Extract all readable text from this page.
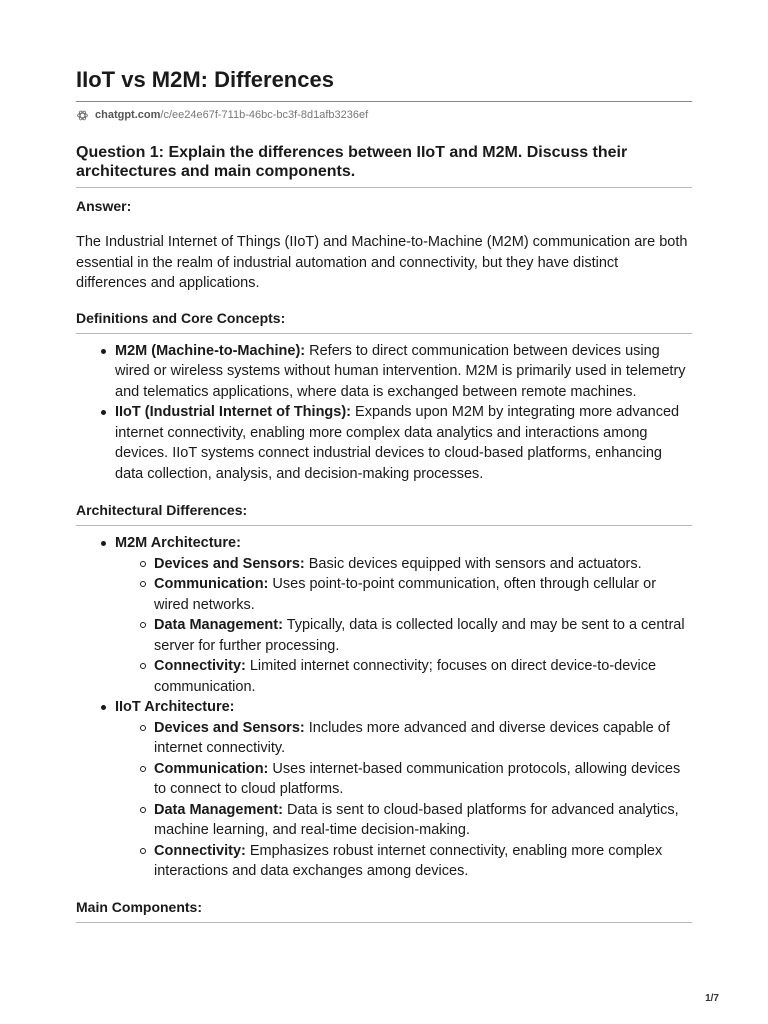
IIoT vs M2M: Differences
chatgpt.com /c/ee24e67f-711b-46bc-bc3f-8d1afb3236ef
Question 1: Explain the differences between IIoT and M2M. Discuss their architectures and main components.
Answer:
The Industrial Internet of Things (IIoT) and Machine-to-Machine (M2M) communication are both essential in the realm of industrial automation and connectivity, but they have distinct differences and applications.
Definitions and Core Concepts:
M2M (Machine-to-Machine): Refers to direct communication between devices using wired or wireless systems without human intervention. M2M is primarily used in telemetry and telematics applications, where data is exchanged between remote machines.
IIoT (Industrial Internet of Things): Expands upon M2M by integrating more advanced internet connectivity, enabling more complex data analytics and interactions among devices. IIoT systems connect industrial devices to cloud-based platforms, enhancing data collection, analysis, and decision-making processes.
Architectural Differences:
M2M Architecture:
Devices and Sensors: Basic devices equipped with sensors and actuators.
Communication: Uses point-to-point communication, often through cellular or wired networks.
Data Management: Typically, data is collected locally and may be sent to a central server for further processing.
Connectivity: Limited internet connectivity; focuses on direct device-to-device communication.
IIoT Architecture:
Devices and Sensors: Includes more advanced and diverse devices capable of internet connectivity.
Communication: Uses internet-based communication protocols, allowing devices to connect to cloud platforms.
Data Management: Data is sent to cloud-based platforms for advanced analytics, machine learning, and real-time decision-making.
Connectivity: Emphasizes robust internet connectivity, enabling more complex interactions and data exchanges among devices.
Main Components:
1/7
